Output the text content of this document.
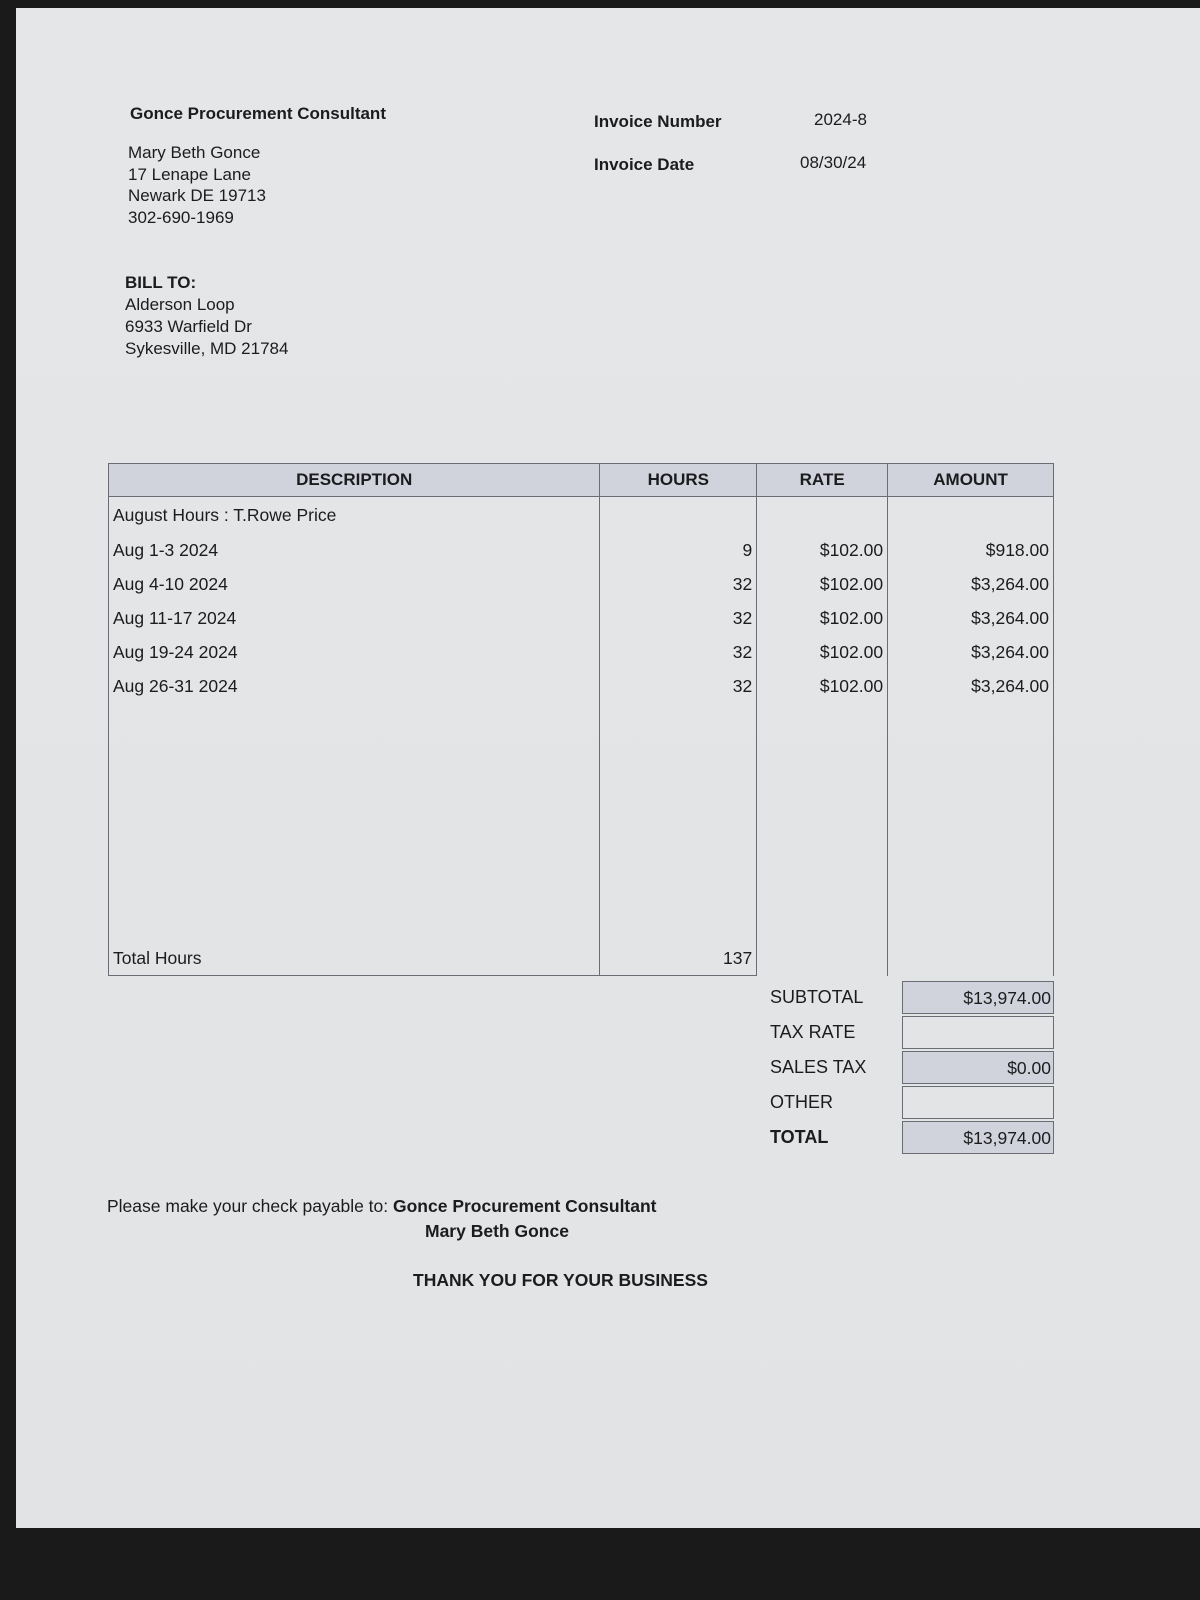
Gonce Procurement Consultant
Mary Beth Gonce
17 Lenape Lane
Newark DE 19713
302-690-1969
Invoice Number	2024-8
Invoice Date	08/30/24
BILL TO:
Alderson Loop
6933 Warfield Dr
Sykesville, MD 21784
DESCRIPTION	HOURS	RATE	AMOUNT
August Hours : T.Rowe Price			
Aug 1-3 2024	9	$102.00	$918.00
Aug 4-10 2024	32	$102.00	$3,264.00
Aug 11-17 2024	32	$102.00	$3,264.00
Aug 19-24 2024	32	$102.00	$3,264.00
Aug 26-31 2024	32	$102.00	$3,264.00

Total Hours	137		
SUBTOTAL	$13,974.00
TAX RATE
SALES TAX	$0.00
OTHER
TOTAL	$13,974.00
Please make your check payable to: Gonce Procurement Consultant
Mary Beth Gonce
THANK YOU FOR YOUR BUSINESS
